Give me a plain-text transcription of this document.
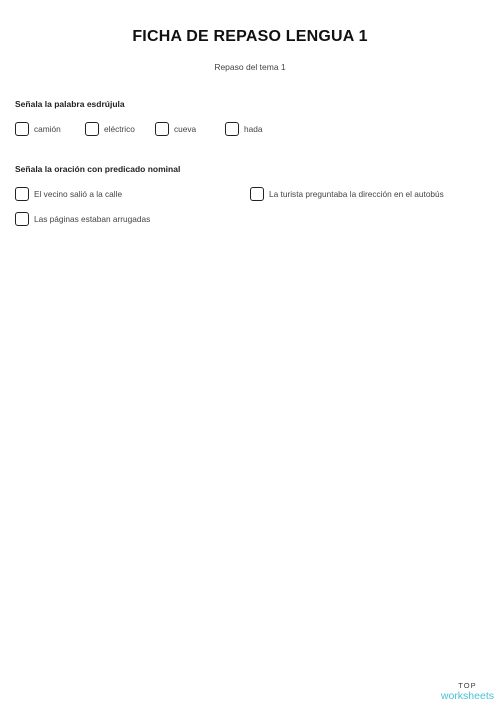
FICHA DE REPASO LENGUA 1
Repaso del tema 1
Señala la palabra esdrújula
camión	eléctrico	cueva	hada
Señala la oración con predicado nominal
El vecino salió a la calle	La turista preguntaba la dirección en el autobús
Las páginas estaban arrugadas
TOP
worksheets
